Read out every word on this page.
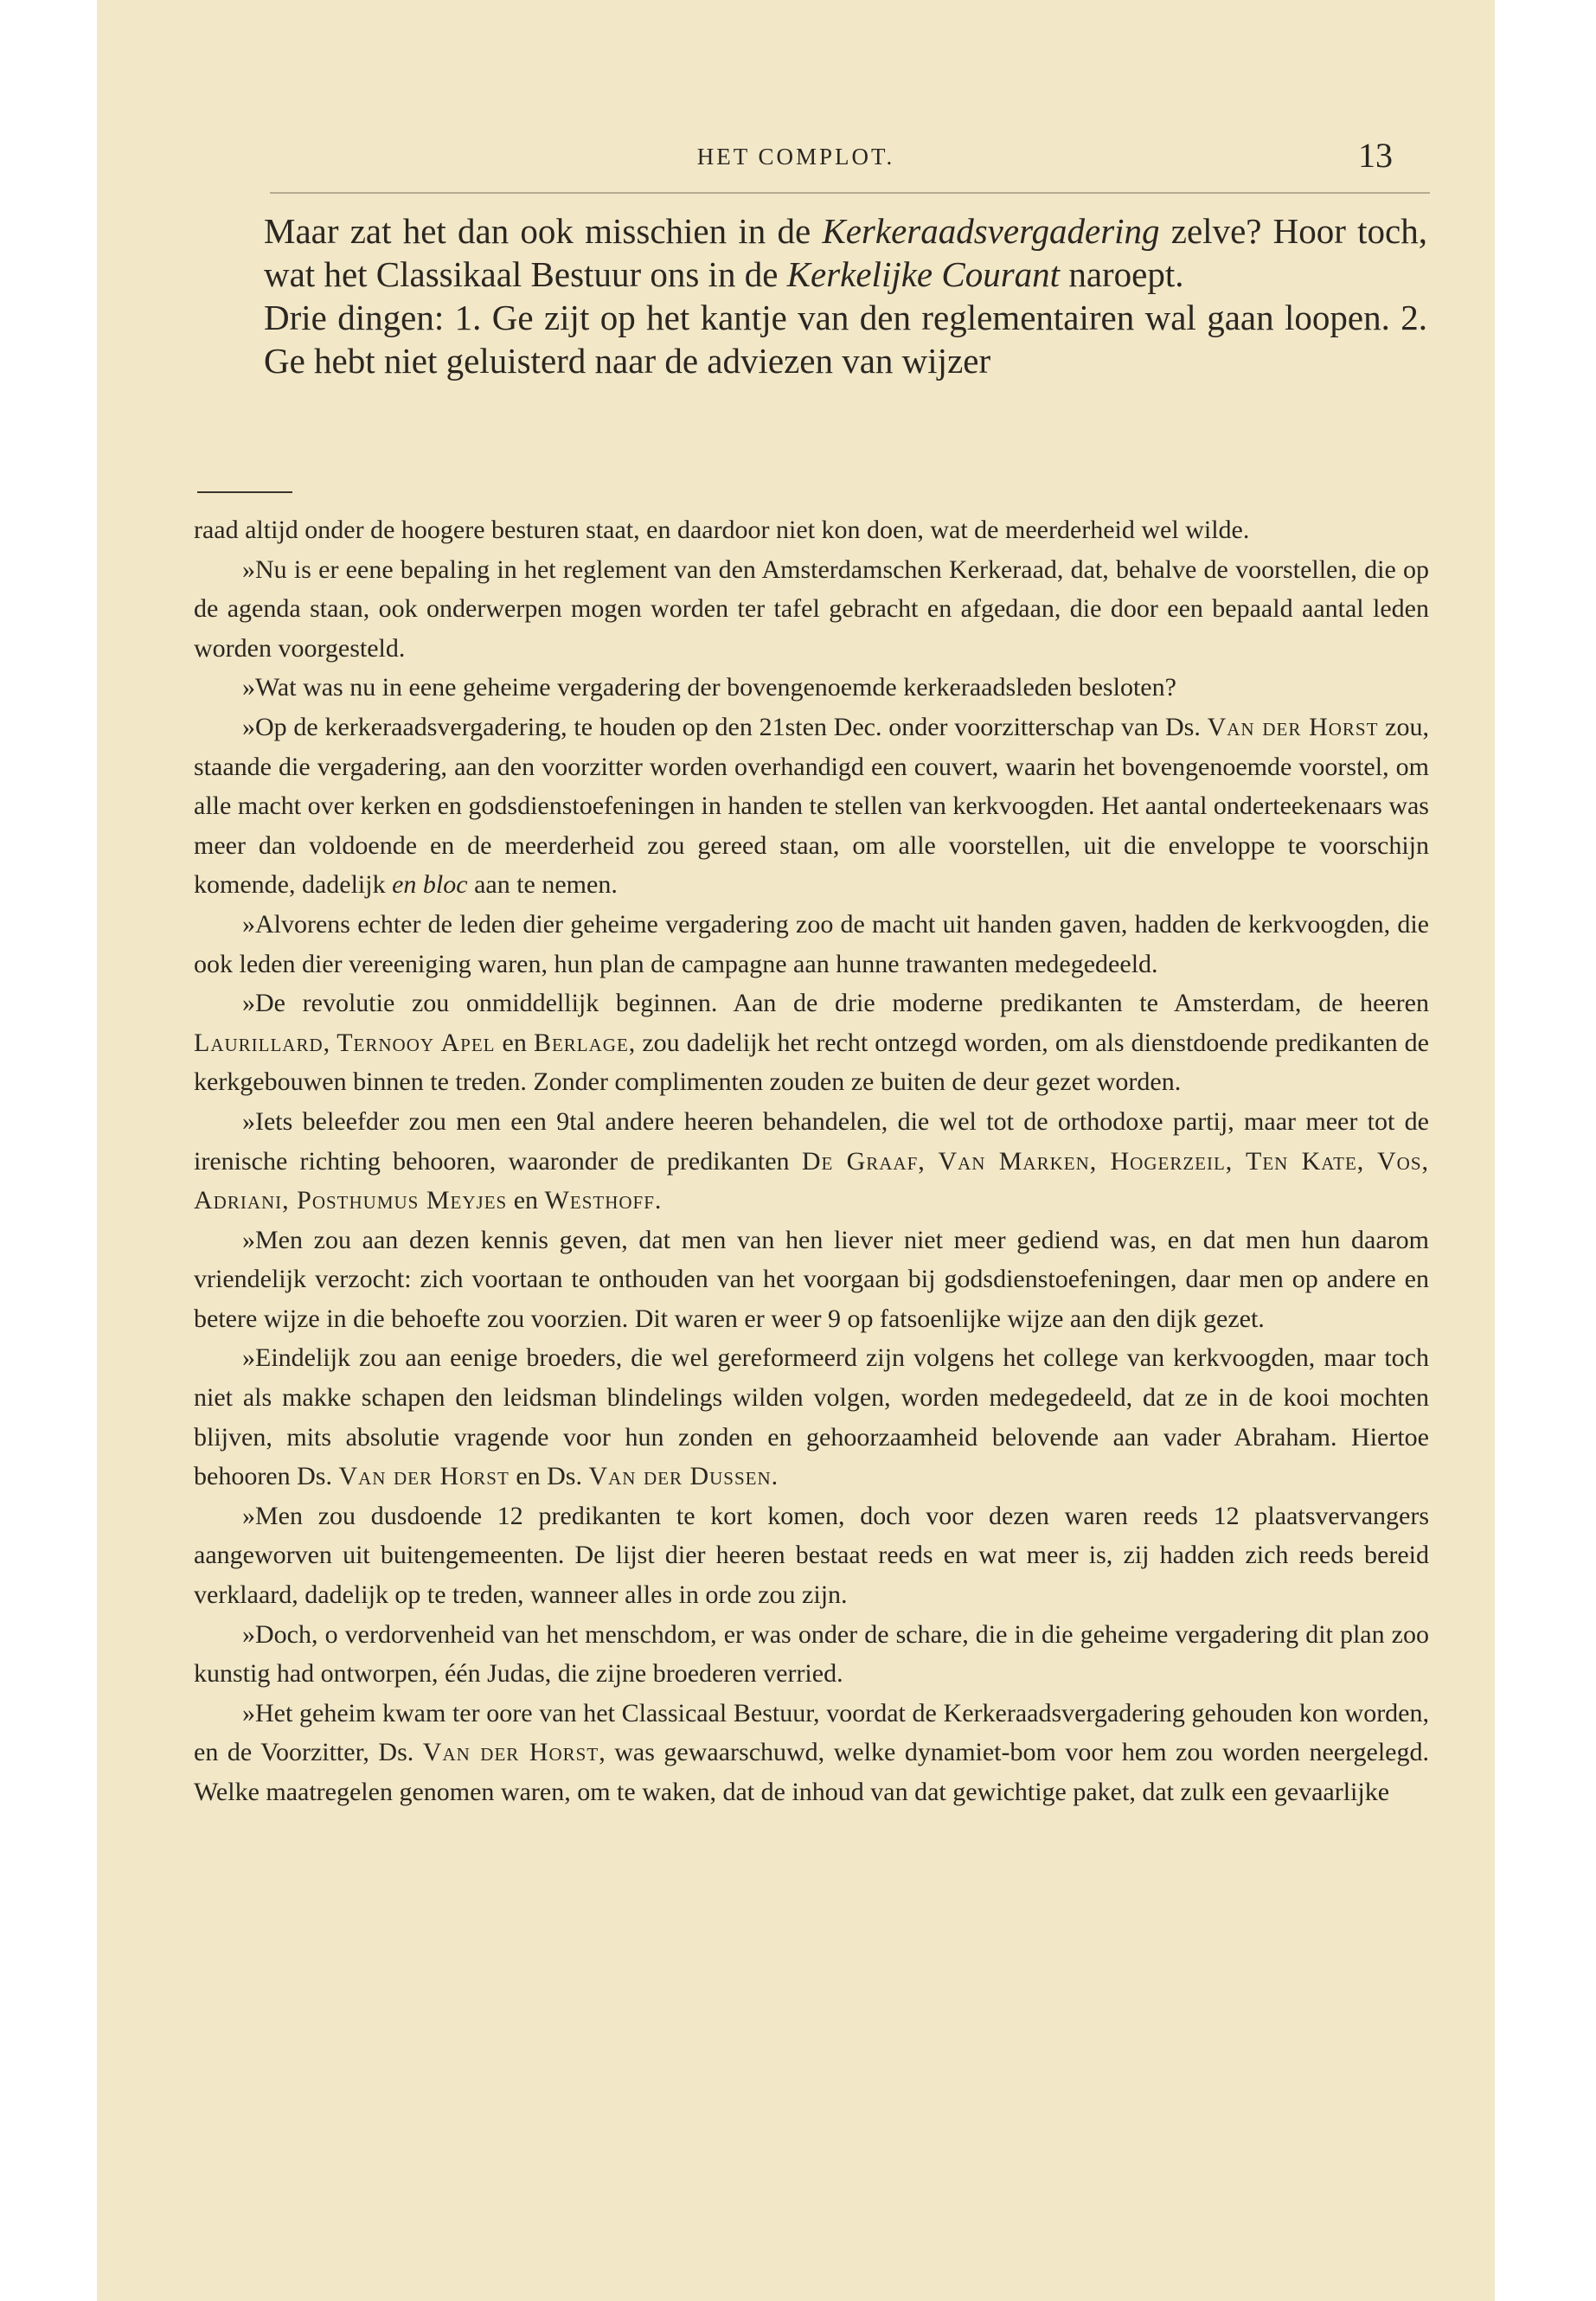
HET COMPLOT.	13

Maar zat het dan ook misschien in de Kerkeraadsvergadering zelve? Hoor toch, wat het Classikaal Bestuur ons in de Kerkelijke Courant naroept.

Drie dingen: 1. Ge zijt op het kantje van den reglementairen wal gaan loopen. 2. Ge hebt niet geluisterd naar de adviezen van wijzer

raad altijd onder de hoogere besturen staat, en daardoor niet kon doen, wat de meerderheid wel wilde.

»Nu is er eene bepaling in het reglement van den Amsterdamschen Kerkeraad, dat, behalve de voorstellen, die op de agenda staan, ook onderwerpen mogen worden ter tafel gebracht en afgedaan, die door een bepaald aantal leden worden voorgesteld.

»Wat was nu in eene geheime vergadering der bovengenoemde kerkeraadsleden besloten?

»Op de kerkeraadsvergadering, te houden op den 21sten Dec. onder voorzitterschap van Ds. Van der Horst zou, staande die vergadering, aan den voorzitter worden overhandigd een couvert, waarin het bovengenoemde voorstel, om alle macht over kerken en godsdienstoefeningen in handen te stellen van kerkvoogden. Het aantal onderteekenaars was meer dan voldoende en de meerderheid zou gereed staan, om alle voorstellen, uit die enveloppe te voorschijn komende, dadelijk en bloc aan te nemen.

»Alvorens echter de leden dier geheime vergadering zoo de macht uit handen gaven, hadden de kerkvoogden, die ook leden dier vereeniging waren, hun plan de campagne aan hunne trawanten medegedeeld.

»De revolutie zou onmiddellijk beginnen. Aan de drie moderne predikanten te Amsterdam, de heeren Laurillard, Ternooy Apel en Berlage, zou dadelijk het recht ontzegd worden, om als dienstdoende predikanten de kerkgebouwen binnen te treden. Zonder complimenten zouden ze buiten de deur gezet worden.

»Iets beleefder zou men een 9tal andere heeren behandelen, die wel tot de orthodoxe partij, maar meer tot de irenische richting behooren, waaronder de predikanten De Graaf, Van Marken, Hogerzeil, Ten Kate, Vos, Adriani, Posthumus Meyjes en Westhoff.

»Men zou aan dezen kennis geven, dat men van hen liever niet meer gediend was, en dat men hun daarom vriendelijk verzocht: zich voortaan te onthouden van het voorgaan bij godsdienstoefeningen, daar men op andere en betere wijze in die behoefte zou voorzien. Dit waren er weer 9 op fatsoenlijke wijze aan den dijk gezet.

»Eindelijk zou aan eenige broeders, die wel gereformeerd zijn volgens het college van kerkvoogden, maar toch niet als makke schapen den leidsman blindelings wilden volgen, worden medegedeeld, dat ze in de kooi mochten blijven, mits absolutie vragende voor hun zonden en gehoorzaamheid belovende aan vader Abraham. Hiertoe behooren Ds. Van der Horst en Ds. Van der Dussen.

»Men zou dusdoende 12 predikanten te kort komen, doch voor dezen waren reeds 12 plaatsvervangers aangeworven uit buitengemeenten. De lijst dier heeren bestaat reeds en wat meer is, zij hadden zich reeds bereid verklaard, dadelijk op te treden, wanneer alles in orde zou zijn.

»Doch, o verdorvenheid van het menschdom, er was onder de schare, die in die geheime vergadering dit plan zoo kunstig had ontworpen, één Judas, die zijne broederen verried.

»Het geheim kwam ter oore van het Classicaal Bestuur, voordat de Kerkeraadsvergadering gehouden kon worden, en de Voorzitter, Ds. Van der Horst, was gewaarschuwd, welke dynamiet-bom voor hem zou worden neergelegd. Welke maatregelen genomen waren, om te waken, dat de inhoud van dat gewichtige paket, dat zulk een gevaarlijke
